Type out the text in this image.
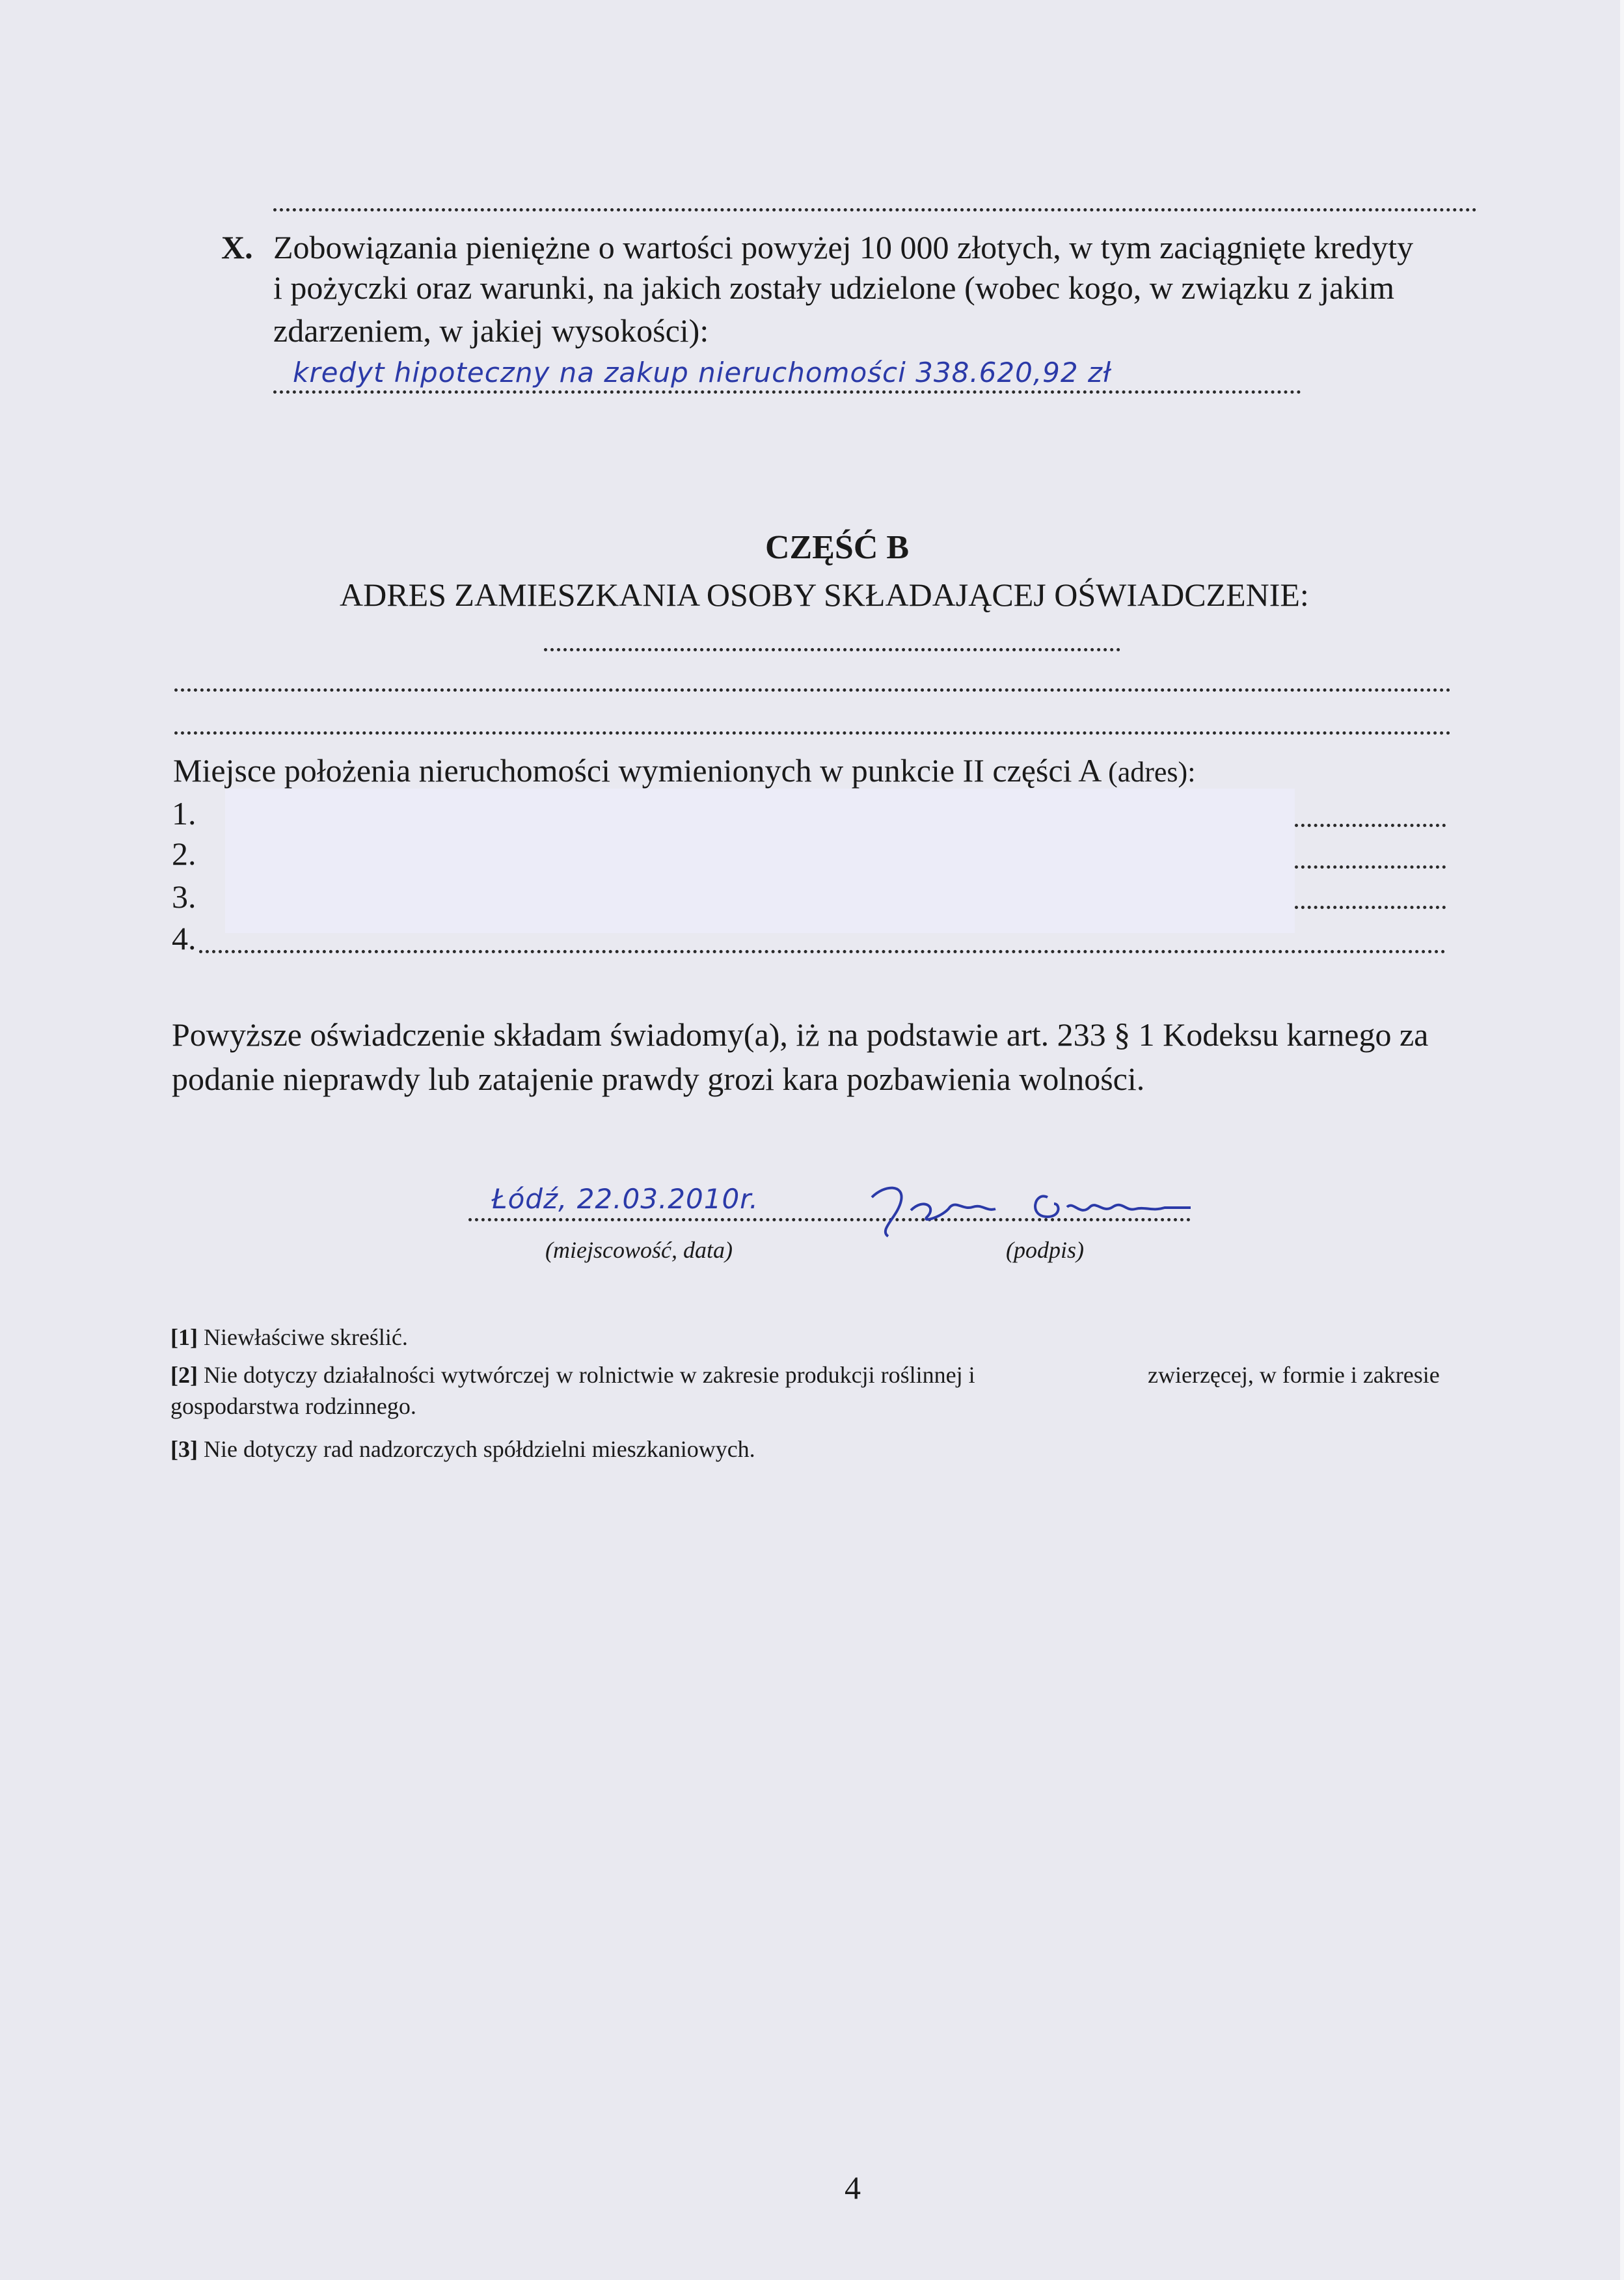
X. Zobowiązania pieniężne o wartości powyżej 10 000 złotych, w tym zaciągnięte kredyty
i pożyczki oraz warunki, na jakich zostały udzielone (wobec kogo, w związku z jakim
zdarzeniem, w jakiej wysokości):
kredyt hipoteczny na zakup nieruchomości 338.620,92 zł
CZĘŚĆ B
ADRES ZAMIESZKANIA OSOBY SKŁADAJĄCEJ OŚWIADCZENIE:
Miejsce położenia nieruchomości wymienionych w punkcie II części A (adres):
1.
2.
3.
4.
Powyższe oświadczenie składam świadomy(a), iż na podstawie art. 233 § 1 Kodeksu karnego za
podanie nieprawdy lub zatajenie prawdy grozi kara pozbawienia wolności.
Łódź, 22.03.2010r.
(miejscowość, data)	(podpis)
[1] Niewłaściwe skreślić.
[2] Nie dotyczy działalności wytwórczej w rolnictwie w zakresie produkcji roślinnej i	zwierzęcej, w formie i zakresie
gospodarstwa rodzinnego.
[3] Nie dotyczy rad nadzorczych spółdzielni mieszkaniowych.
4
